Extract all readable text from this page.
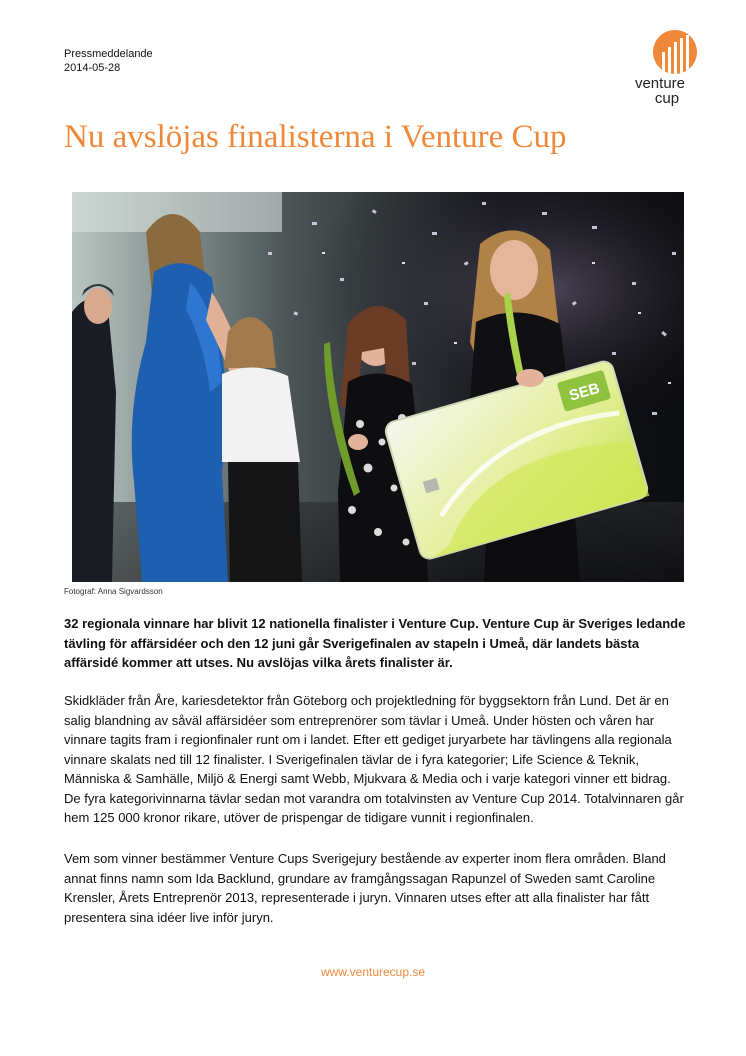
Pressmeddelande
2014-05-28
venture
cup
Nu avslöjas finalisterna i Venture Cup
SEB
Fotograf: Anna Sigvardsson

32 regionala vinnare har blivit 12 nationella finalister i Venture Cup. Venture Cup är Sveriges ledande tävling för affärsidéer och den 12 juni går Sverigefinalen av stapeln i Umeå, där landets bästa affärsidé kommer att utses. Nu avslöjas vilka årets finalister är.

Skidkläder från Åre, kariesdetektor från Göteborg och projektledning för byggsektorn från Lund. Det är en salig blandning av såväl affärsidéer som entreprenörer som tävlar i Umeå. Under hösten och våren har vinnare tagits fram i regionfinaler runt om i landet. Efter ett gediget juryarbete har tävlingens alla regionala vinnare skalats ned till 12 finalister. I Sverigefinalen tävlar de i fyra kategorier; Life Science & Teknik, Människa & Samhälle, Miljö & Energi samt Webb, Mjukvara & Media och i varje kategori vinner ett bidrag. De fyra kategorivinnarna tävlar sedan mot varandra om totalvinsten av Venture Cup 2014. Totalvinnaren går hem 125 000 kronor rikare, utöver de prispengar de tidigare vunnit i regionfinalen.

Vem som vinner bestämmer Venture Cups Sverigejury bestående av experter inom flera områden. Bland annat finns namn som Ida Backlund, grundare av framgångssagan Rapunzel of Sweden samt Caroline Krensler, Årets Entreprenör 2013, representerade i juryn. Vinnaren utses efter att alla finalister har fått presentera sina idéer live inför juryn.

www.venturecup.se
